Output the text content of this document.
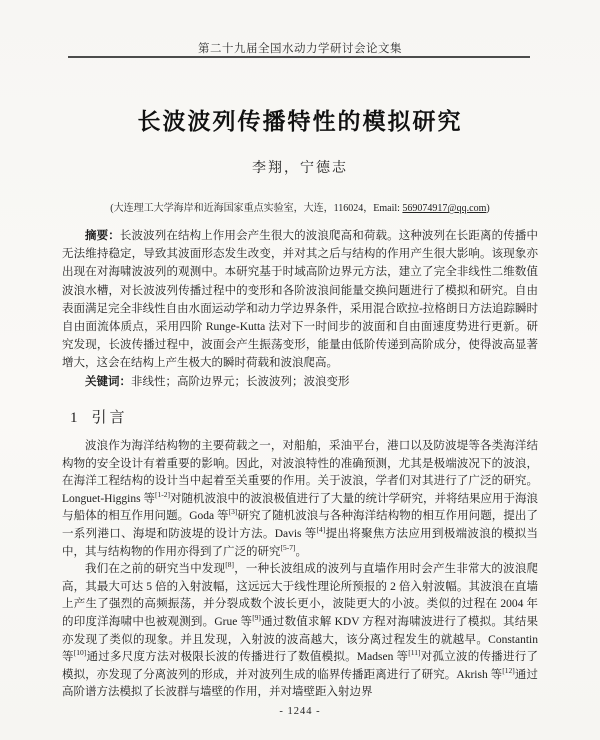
第二十九届全国水动力学研讨会论文集
长波波列传播特性的模拟研究
李翔，宁德志
(大连理工大学海岸和近海国家重点实验室，大连，116024，Email: 569074917@qq.com)

摘要：长波波列在结构上作用会产生很大的波浪爬高和荷载。这种波列在长距离的传播中无法维持稳定，导致其波面形态发生改变，并对其之后与结构的作用产生很大影响。该现象亦出现在对海啸波波列的观测中。本研究基于时域高阶边界元方法，建立了完全非线性二维数值波浪水槽，对长波波列传播过程中的变形和各阶波浪间能量交换问题进行了模拟和研究。自由表面满足完全非线性自由水面运动学和动力学边界条件，采用混合欧拉-拉格朗日方法追踪瞬时自由面流体质点，采用四阶 Runge-Kutta 法对下一时间步的波面和自由面速度势进行更新。研究发现，长波传播过程中，波面会产生振荡变形，能量由低阶传递到高阶成分，使得波高显著增大，这会在结构上产生极大的瞬时荷载和波浪爬高。

关键词：非线性；高阶边界元；长波波列；波浪变形

1 引言

波浪作为海洋结构物的主要荷载之一，对船舶，采油平台，港口以及防波堤等各类海洋结构物的安全设计有着重要的影响。因此，对波浪特性的准确预测，尤其是极端波况下的波浪，在海洋工程结构的设计当中起着至关重要的作用。关于波浪，学者们对其进行了广泛的研究。Longuet-Higgins 等[1-2]对随机波浪中的波浪极值进行了大量的统计学研究，并将结果应用于海浪与船体的相互作用问题。Goda 等[3]研究了随机波浪与各种海洋结构物的相互作用问题，提出了一系列港口、海堤和防波堤的设计方法。Davis 等[4]提出将聚焦方法应用到极端波浪的模拟当中，其与结构物的作用亦得到了广泛的研究[5-7]。

我们在之前的研究当中发现[8]，一种长波组成的波列与直墙作用时会产生非常大的波浪爬高，其最大可达 5 倍的入射波幅，这远远大于线性理论所预报的 2 倍入射波幅。其波浪在直墙上产生了强烈的高频振荡，并分裂成数个波长更小，波陡更大的小波。类似的过程在 2004 年的印度洋海啸中也被观测到。Grue 等[9]通过数值求解 KDV 方程对海啸波进行了模拟。其结果亦发现了类似的现象。并且发现，入射波的波高越大，该分离过程发生的就越早。Constantin 等[10]通过多尺度方法对极限长波的传播进行了数值模拟。Madsen 等[11]对孤立波的传播进行了模拟，亦发现了分离波列的形成，并对波列生成的临界传播距离进行了研究。Akrish 等[12]通过高阶谱方法模拟了长波群与墙壁的作用，并对墙壁距入射边界

- 1244 -
